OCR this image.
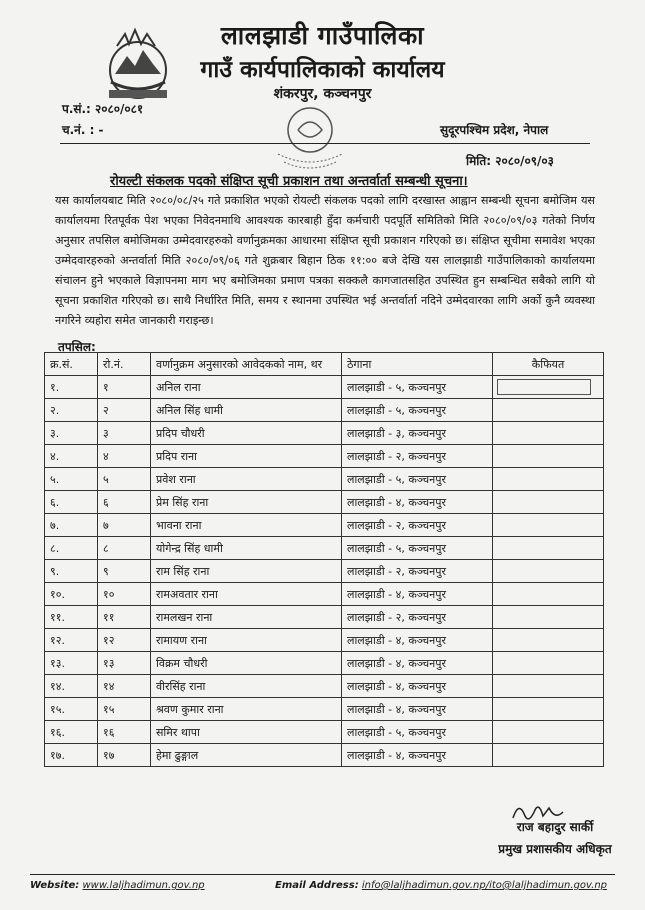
लालझाडी गाउँपालिका
गाउँ कार्यपालिकाको कार्यालय
शंकरपुर, कञ्चनपुर
प.सं.: २०८०/०८१
च.नं. : -	सुदूरपश्चिम प्रदेश, नेपाल
मिति: २०८०/०९/०३
रोयल्टी संकलक पदको संक्षिप्त सूची प्रकाशन तथा अन्तर्वार्ता सम्बन्धी सूचना।
यस कार्यालयबाट मिति २०८०/०८/२५ गते प्रकाशित भएको रोयल्टी संकलक पदको लागि दरखास्त आह्वान सम्बन्धी सूचना बमोजिम यस कार्यालयमा रितपूर्वक पेश भएका निवेदनमाथि आवश्यक कारबाही हुँदा कर्मचारी पदपूर्ति समितिको मिति २०८०/०९/०३ गतेको निर्णय अनुसार तपसिल बमोजिमका उम्मेदवारहरुको वर्णानुक्रमका आधारमा संक्षिप्त सूची प्रकाशन गरिएको छ। संक्षिप्त सूचीमा समावेश भएका उम्मेदवारहरुको अन्तर्वार्ता मिति २०८०/०९/०६ गते शुक्रबार बिहान ठिक ११:०० बजे देखि यस लालझाडी गाउँपालिकाको कार्यालयमा संचालन हुने भएकाले विज्ञापनमा माग भए बमोजिमका प्रमाण पत्रका सक्कलै कागजातसहित उपस्थित हुन सम्बन्धित सबैको लागि यो सूचना प्रकाशित गरिएको छ। साथै निर्धारित मिति, समय र स्थानमा उपस्थित भई अन्तर्वार्ता नदिने उम्मेदवारका लागि अर्को कुनै व्यवस्था नगरिने व्यहोरा समेत जानकारी गराइन्छ।
तपसिल:
क्र.सं.	रो.नं.	वर्णानुक्रम अनुसारको आवेदकको नाम, थर	ठेगाना	कैफियत
१.	१	अनिल राना	लालझाडी - ५, कञ्चनपुर	

२.	२	अनिल सिंह धामी	लालझाडी - ५, कञ्चनपुर	
३.	३	प्रदिप चौधरी	लालझाडी - ३, कञ्चनपुर	
४.	४	प्रदिप राना	लालझाडी - २, कञ्चनपुर	
५.	५	प्रवेश राना	लालझाडी - ५, कञ्चनपुर	
६.	६	प्रेम सिंह राना	लालझाडी - ४, कञ्चनपुर	
७.	७	भावना राना	लालझाडी - २, कञ्चनपुर	
८.	८	योगेन्द्र सिंह धामी	लालझाडी - ५, कञ्चनपुर	
९.	९	राम सिंह राना	लालझाडी - २, कञ्चनपुर	
१०.	१०	रामअवतार राना	लालझाडी - ४, कञ्चनपुर	
११.	११	रामलखन राना	लालझाडी - २, कञ्चनपुर	
१२.	१२	रामायण राना	लालझाडी - ४, कञ्चनपुर	
१३.	१३	विक्रम चौधरी	लालझाडी - ४, कञ्चनपुर	
१४.	१४	वीरसिंह राना	लालझाडी - ४, कञ्चनपुर	
१५.	१५	श्रवण कुमार राना	लालझाडी - ४, कञ्चनपुर	
१६.	१६	समिर थापा	लालझाडी - ५, कञ्चनपुर	
१७.	१७	हेमा ढुङ्गाल	लालझाडी - ४, कञ्चनपुर	
राज बहादुर सार्की
प्रमुख प्रशासकीय अधिकृत
Website: www.laljhadimun.gov.np	Email Address: info@laljhadimun.gov.np/ito@laljhadimun.gov.np
